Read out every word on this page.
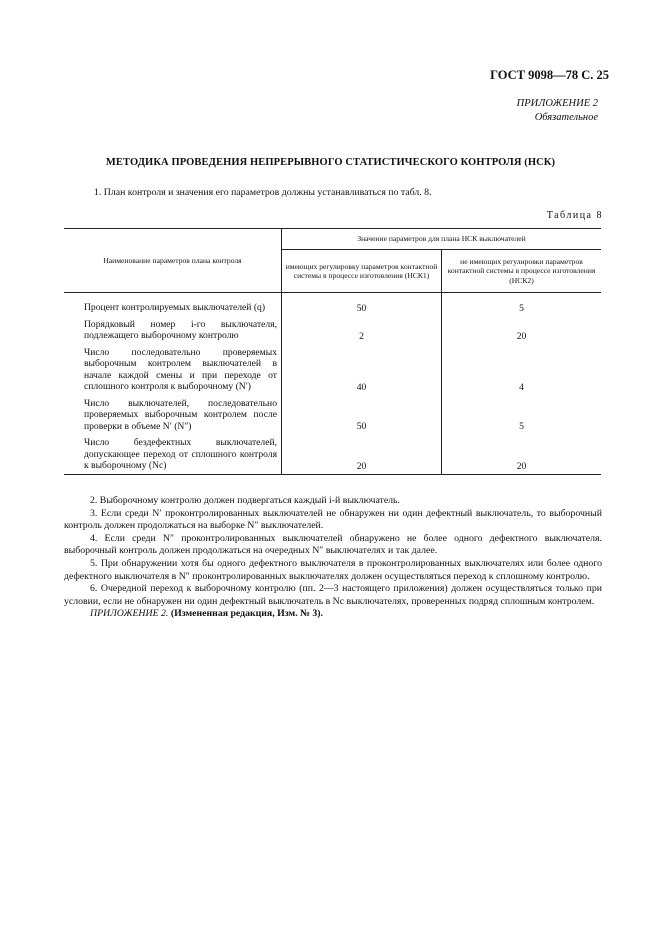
ГОСТ 9098—78 С. 25
ПРИЛОЖЕНИЕ 2
Обязательное
МЕТОДИКА ПРОВЕДЕНИЯ НЕПРЕРЫВНОГО СТАТИСТИЧЕСКОГО КОНТРОЛЯ (НСК)
1. План контроля и значения его параметров должны устанавливаться по табл. 8.
Таблица 8
Наименование параметров плана контроля	Значение параметров для плана НСК выключателей	
	имеющих регулировку параметров контактной системы в процессе изготовления (НСК1)	не имеющих регулировки параметров контактной системы в процессе изготовления (НСК2)

Процент контролируемых выключателей (q)	50	5
Порядковый номер i-го выключателя, подлежащего выборочному контролю	2	20
Число последовательно проверяемых выборочным контролем выключателей в начале каждой смены и при переходе от сплошного контроля к выборочному (N′)	40	4
Число выключателей, последовательно проверяемых выборочным контролем после проверки в объеме N′ (N″)	50	5
Число бездефектных выключателей, допускающее переход от сплошного контроля к выборочному (Nс)	20	20

2. Выборочному контролю должен подвергаться каждый i-й выключатель.

3. Если среди N′ проконтролированных выключателей не обнаружен ни один дефектный выключатель, то выборочный контроль должен продолжаться на выборке N″ выключателей.

4. Если среди N″ проконтролированных выключателей обнаружено не более одного дефектного выключателя. выборочный контроль должен продолжаться на очередных N″ выключателях и так далее.

5. При обнаружении хотя бы одного дефектного выключателя в проконтролированных выключателях или более одного дефектного выключателя в N″ проконтролированных выключателях должен осуществляться переход к сплошному контролю.

6. Очередной переход к выборочному контролю (пп. 2—3 настоящего приложения) должен осуществляться только при условии, если не обнаружен ни один дефектный выключатель в Nс выключателях, проверенных подряд сплошным контролем.

ПРИЛОЖЕНИЕ 2. (Измененная редакция, Изм. № 3).
